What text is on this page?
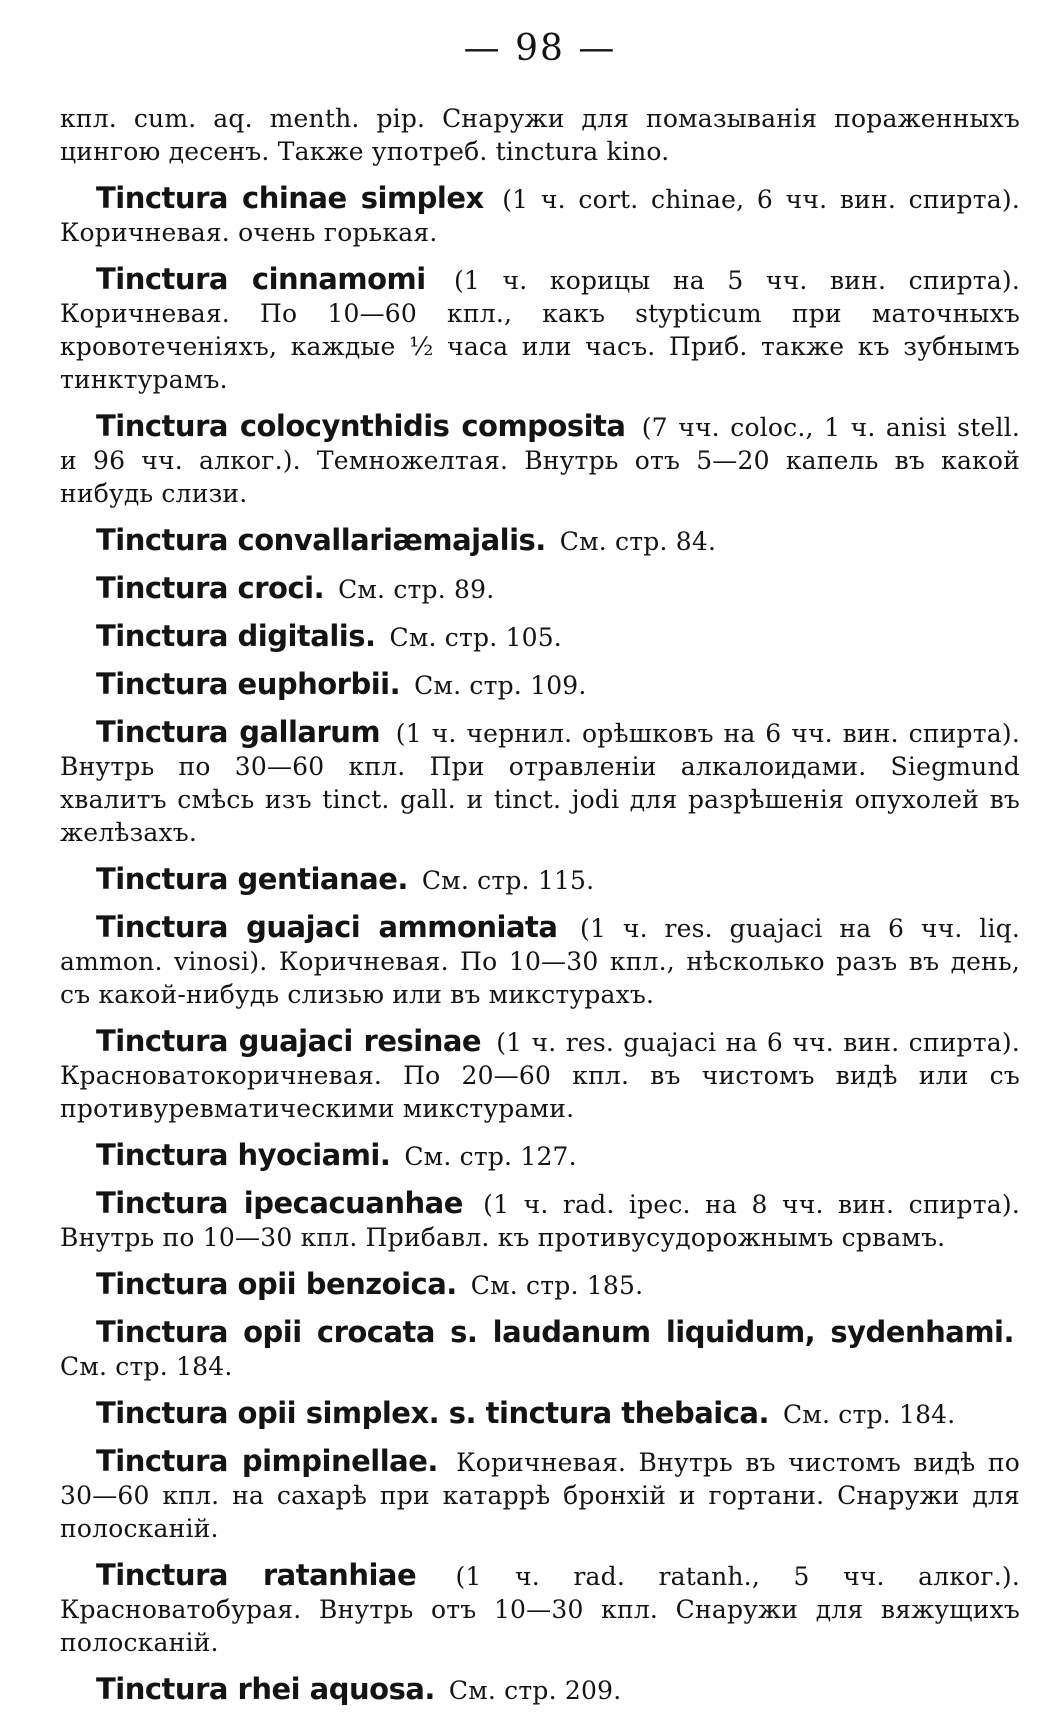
— 98 —

кпл. cum. aq. menth. pip. Снаружи для помазыванія пораженныхъ цингою десенъ. Также употреб. tinctura kino.

Tinctura chinae simplex (1 ч. cort. chinae, 6 чч. вин. спирта). Коричневая. очень горькая.

Tinctura cinnamomi (1 ч. корицы на 5 чч. вин. спирта). Коричневая. По 10—60 кпл., какъ stypticum при маточныхъ кровотеченіяхъ, каждые ½ часа или часъ. Приб. также къ зубнымъ тинктурамъ.

Tinctura colocynthidis composita (7 чч. coloc., 1 ч. anisi stell. и 96 чч. алког.). Темножелтая. Внутрь отъ 5—20 капель въ какой нибудь слизи.

Tinctura convallariæmajalis. См. стр. 84.

Tinctura croci. См. стр. 89.

Tinctura digitalis. См. стр. 105.

Tinctura euphorbii. См. стр. 109.

Tinctura gallarum (1 ч. чернил. орѣшковъ на 6 чч. вин. спирта). Внутрь по 30—60 кпл. При отравленіи алкалоидами. Siegmund хвалитъ смѣсь изъ tinct. gall. и tinct. jodi для разрѣшенія опухолей въ желѣзахъ.

Tinctura gentianae. См. стр. 115.

Tinctura guajaci ammoniata (1 ч. res. guajaci на 6 чч. liq. ammon. vinosi). Коричневая. По 10—30 кпл., нѣсколько разъ въ день, съ какой-нибудь слизью или въ микстурахъ.

Tinctura guajaci resinae (1 ч. res. guajaci на 6 чч. вин. спирта). Красноватокоричневая. По 20—60 кпл. въ чистомъ видѣ или съ противуревматическими микстурами.

Tinctura hyociami. См. стр. 127.

Tinctura ipecacuanhae (1 ч. rad. ipec. на 8 чч. вин. спирта). Внутрь по 10—30 кпл. Прибавл. къ противусудорожнымъ срвамъ.

Tinctura opii benzoica. См. стр. 185.

Tinctura opii crocata s. laudanum liquidum, sydenhami. См. стр. 184.

Tinctura opii simplex. s. tinctura thebaica. См. стр. 184.

Tinctura pimpinellae. Коричневая. Внутрь въ чистомъ видѣ по 30—60 кпл. на сахарѣ при катаррѣ бронхій и гортани. Снаружи для полосканій.

Tinctura ratanhiae (1 ч. rad. ratanh., 5 чч. алког.). Красноватобурая. Внутрь отъ 10—30 кпл. Снаружи для вяжущихъ полосканій.

Tinctura rhei aquosa. См. стр. 209.
